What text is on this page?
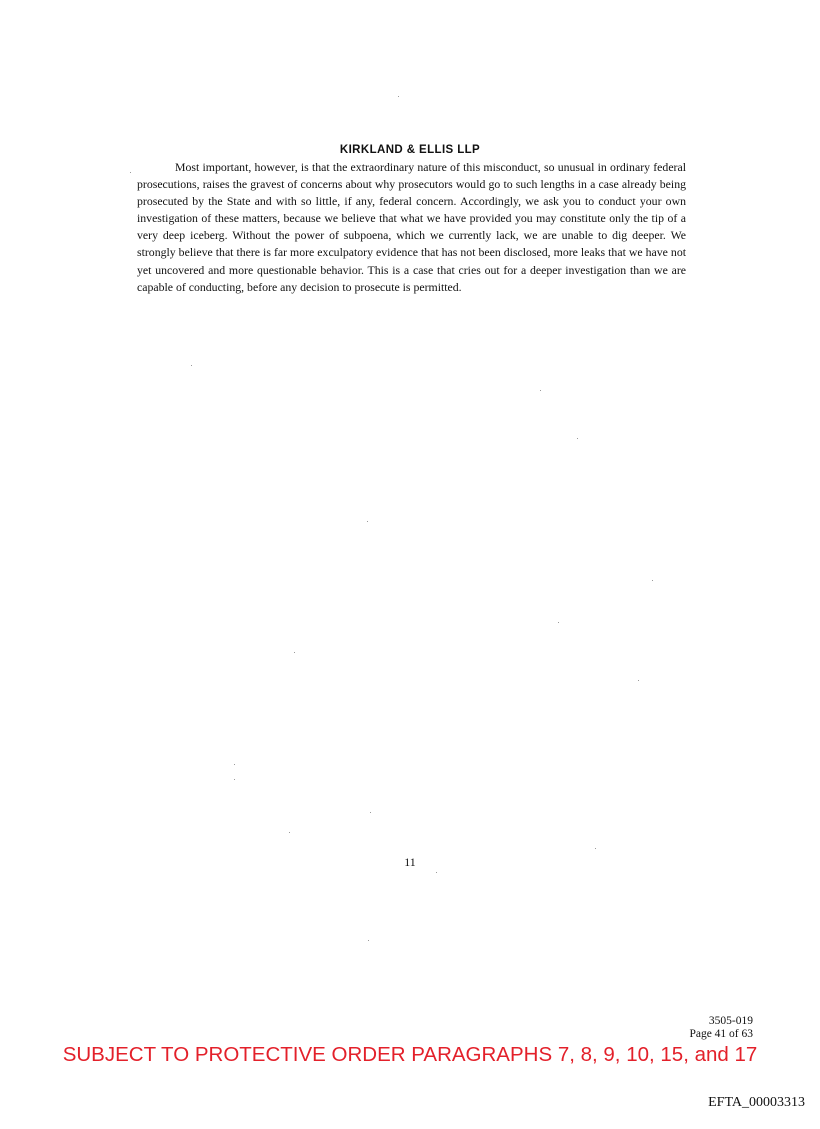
KIRKLAND & ELLIS LLP

Most important, however, is that the extraordinary nature of this misconduct, so unusual in ordinary federal prosecutions, raises the gravest of concerns about why prosecutors would go to such lengths in a case already being prosecuted by the State and with so little, if any, federal concern. Accordingly, we ask you to conduct your own investigation of these matters, because we believe that what we have provided you may constitute only the tip of a very deep iceberg. Without the power of subpoena, which we currently lack, we are unable to dig deeper. We strongly believe that there is far more exculpatory evidence that has not been disclosed, more leaks that we have not yet uncovered and more questionable behavior. This is a case that cries out for a deeper investigation than we are capable of conducting, before any decision to prosecute is permitted.

11
3505-019
Page 41 of 63
SUBJECT TO PROTECTIVE ORDER PARAGRAPHS 7, 8, 9, 10, 15, and 17
EFTA_00003313
